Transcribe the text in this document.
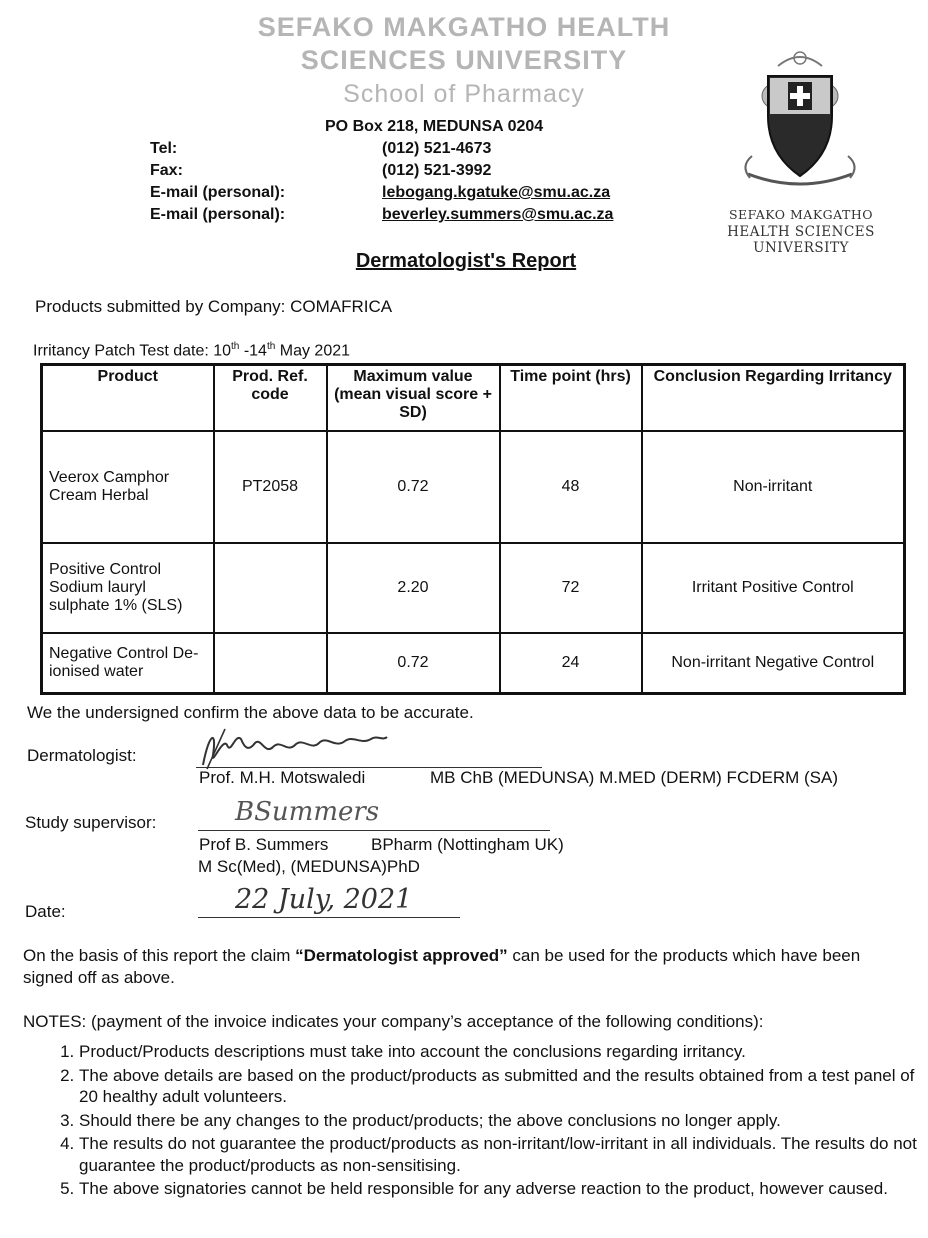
SEFAKO MAKGATHO HEALTH
SCIENCES UNIVERSITY
School of Pharmacy
PO Box 218, MEDUNSA 0204
Tel:	(012) 521-4673
Fax:	(012) 521-3992
E-mail (personal):	lebogang.kgatuke@smu.ac.za
E-mail (personal):	beverley.summers@smu.ac.za	SEFAKO MAKGATHO
HEALTH SCIENCES UNIVERSITY
Dermatologist's Report
Products submitted by Company: COMAFRICA
Irritancy Patch Test date: 10th -14th May 2021
Product	Prod. Ref. code	Maximum value (mean visual score + SD)	Time point (hrs)	Conclusion Regarding Irritancy
Veerox Camphor Cream Herbal	PT2058	0.72	48	Non-irritant
Positive Control Sodium lauryl sulphate 1% (SLS)		2.20	72	Irritant Positive Control
Negative Control De-ionised water		0.72	24	Non-irritant Negative Control
We the undersigned confirm the above data to be accurate.
Dermatologist:
Prof. M.H. Motswaledi	MB ChB (MEDUNSA) M.MED (DERM) FCDERM (SA)
Study supervisor:	BSummers
Prof B. Summers	BPharm (Nottingham UK)
M Sc(Med), (MEDUNSA)PhD
Date:	22 July, 2021
On the basis of this report the claim “Dermatologist approved” can be used for the products which have been signed off as above.
NOTES: (payment of the invoice indicates your company’s acceptance of the following conditions):
1. Product/Products descriptions must take into account the conclusions regarding irritancy.
2. The above details are based on the product/products as submitted and the results obtained from a test panel of 20 healthy adult volunteers.
3. Should there be any changes to the product/products; the above conclusions no longer apply.
4. The results do not guarantee the product/products as non-irritant/low-irritant in all individuals. The results do not guarantee the product/products as non-sensitising.
5. The above signatories cannot be held responsible for any adverse reaction to the product, however caused.
